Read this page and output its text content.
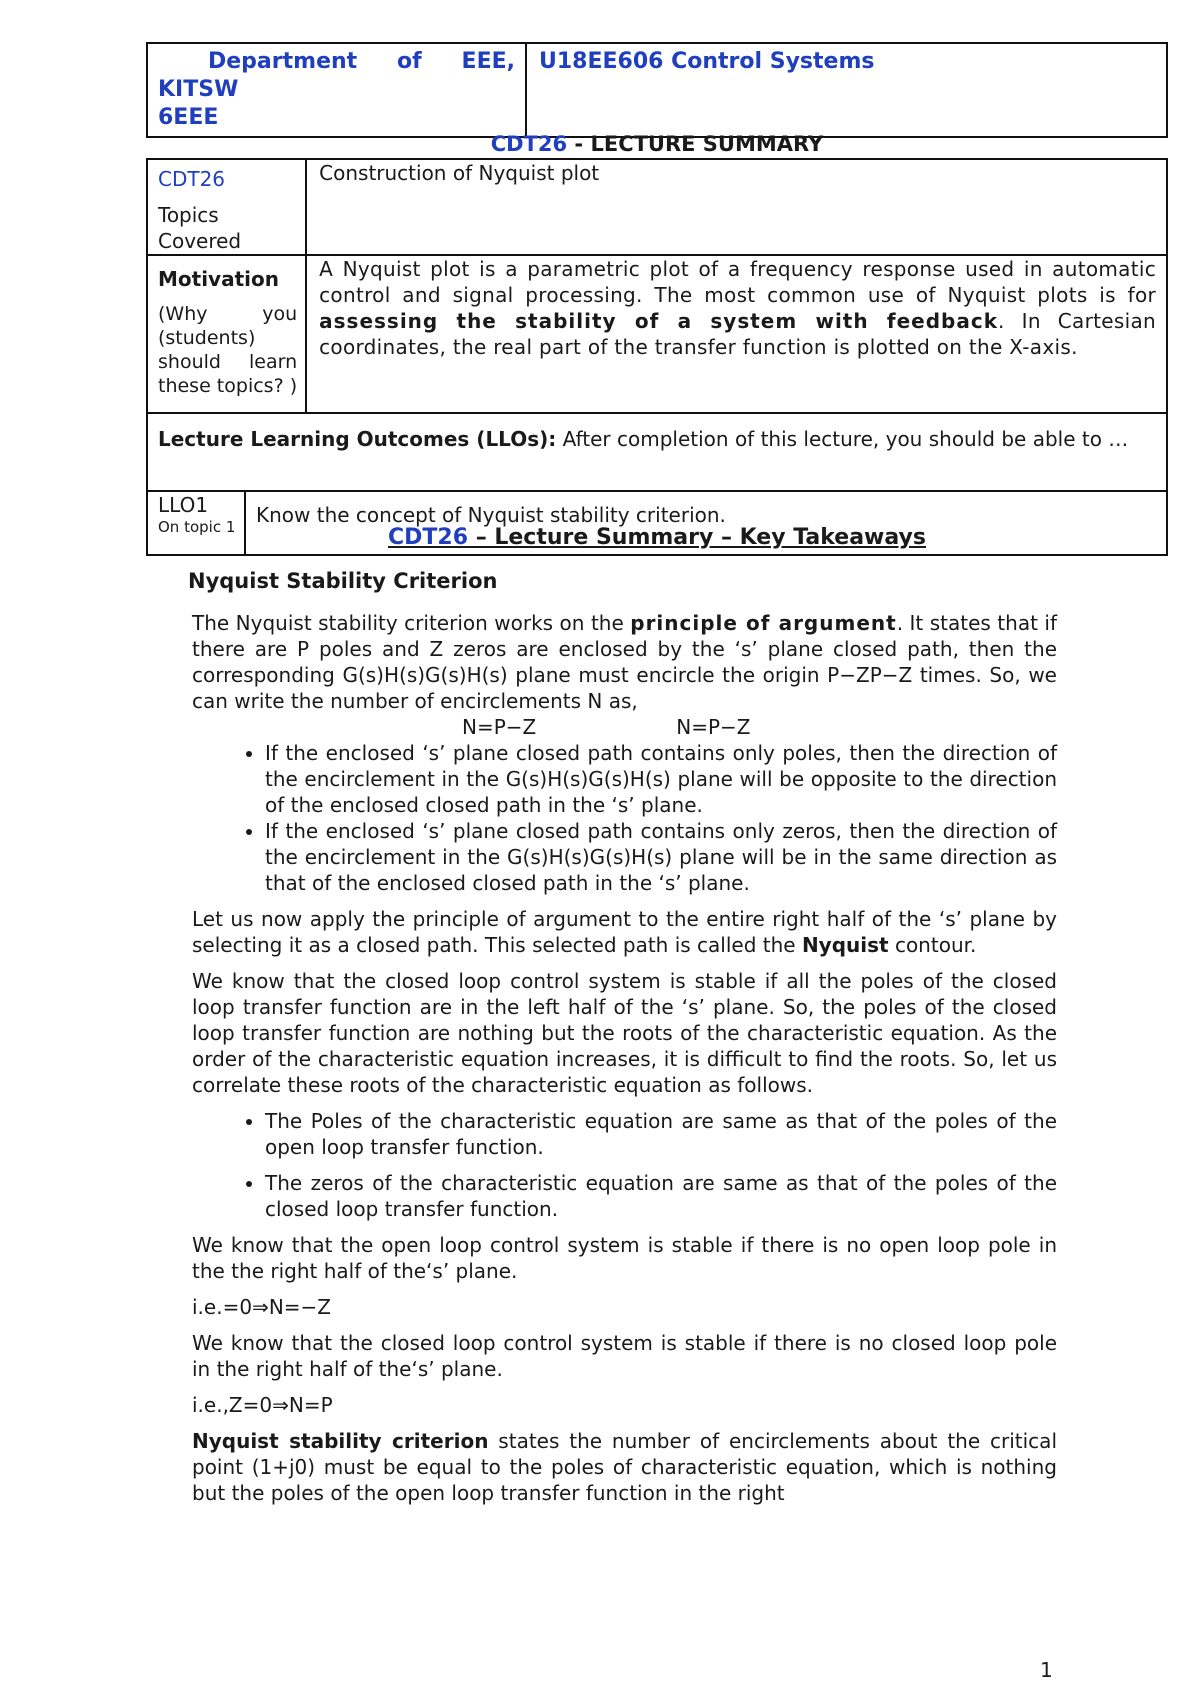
Department of EEE,
KITSW
6EEE
	U18EE606 Control Systems
CDT26 - LECTURE SUMMARY
CDT26
Topics Covered		Construction of Nyquist plot

Motivation
(Why you (students) should learn these topics? )		A Nyquist plot is a parametric plot of a frequency response used in automatic control and signal processing. The most common use of Nyquist plots is for assessing the stability of a system with feedback. In Cartesian coordinates, the real part of the transfer function is plotted on the X-axis.
Lecture Learning Outcomes (LLOs): After completion of this lecture, you should be able to …		

LLO1
On topic 1	Know the concept of Nyquist stability criterion.	
CDT26 – Lecture Summary – Key Takeaways

Nyquist Stability Criterion

The Nyquist stability criterion works on the principle of argument. It states that if there are P poles and Z zeros are enclosed by the ‘s’ plane closed path, then the corresponding G(s)H(s)G(s)H(s) plane must encircle the origin P−ZP−Z times. So, we can write the number of encirclements N as,

N=P−Z	N=P−Z
• If the enclosed ‘s’ plane closed path contains only poles, then the direction of the encirclement in the G(s)H(s)G(s)H(s) plane will be opposite to the direction of the enclosed closed path in the ‘s’ plane.
• If the enclosed ‘s’ plane closed path contains only zeros, then the direction of the encirclement in the G(s)H(s)G(s)H(s) plane will be in the same direction as that of the enclosed closed path in the ‘s’ plane.

Let us now apply the principle of argument to the entire right half of the ‘s’ plane by selecting it as a closed path. This selected path is called the Nyquist contour.

We know that the closed loop control system is stable if all the poles of the closed loop transfer function are in the left half of the ‘s’ plane. So, the poles of the closed loop transfer function are nothing but the roots of the characteristic equation. As the order of the characteristic equation increases, it is difficult to find the roots. So, let us correlate these roots of the characteristic equation as follows.

• The Poles of the characteristic equation are same as that of the poles of the open loop transfer function.
• The zeros of the characteristic equation are same as that of the poles of the closed loop transfer function.

We know that the open loop control system is stable if there is no open loop pole in the the right half of the‘s’ plane.

i.e.=0⇒N=−Z

We know that the closed loop control system is stable if there is no closed loop pole in the right half of the‘s’ plane.

i.e.,Z=0⇒N=P

Nyquist stability criterion states the number of encirclements about the critical point (1+j0) must be equal to the poles of characteristic equation, which is nothing but the poles of the open loop transfer function in the right

1
